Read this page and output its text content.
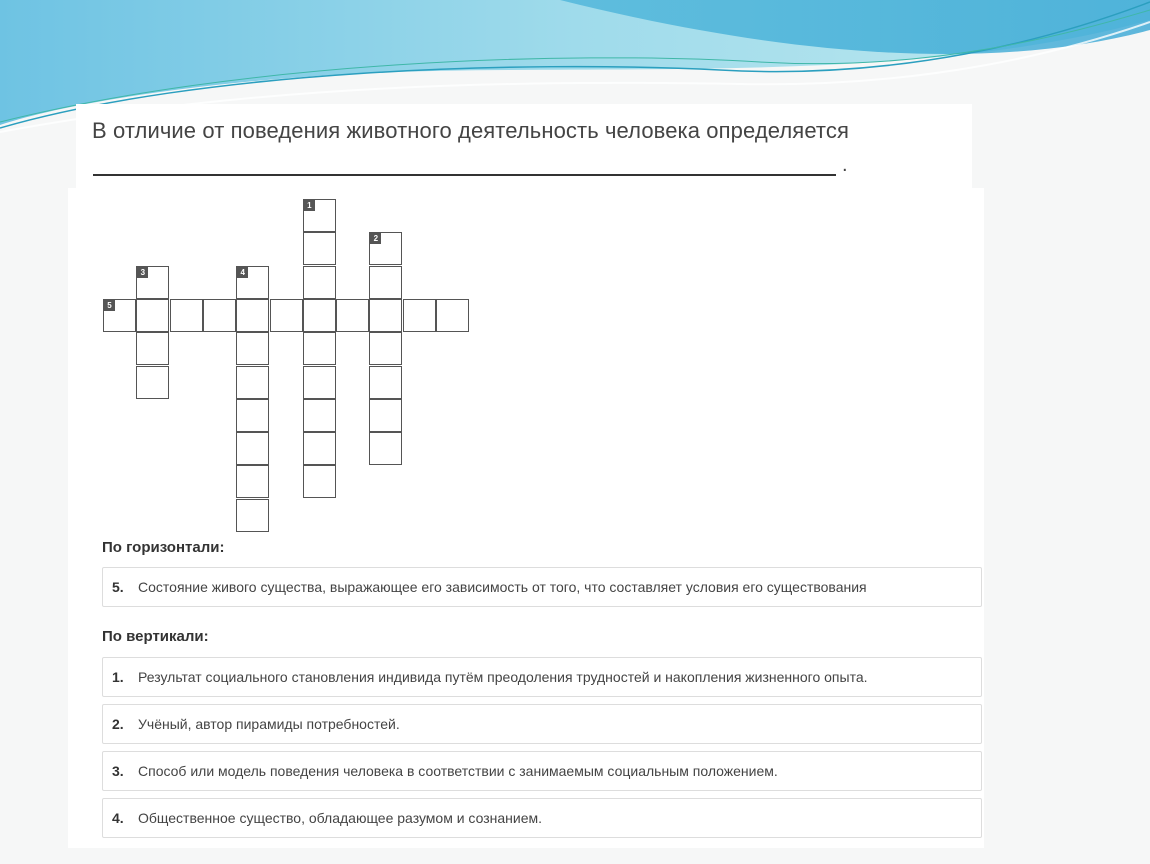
В отличие от поведения животного деятельность человека определяется
.
1
2
3	4
5
По горизонтали:
5. Состояние живого существа, выражающее его зависимость от того, что составляет условия его существования
По вертикали:
1. Результат социального становления индивида путём преодоления трудностей и накопления жизненного опыта.
2. Учёный, автор пирамиды потребностей.
3. Способ или модель поведения человека в соответствии с занимаемым социальным положением.
4. Общественное существо, обладающее разумом и сознанием.
